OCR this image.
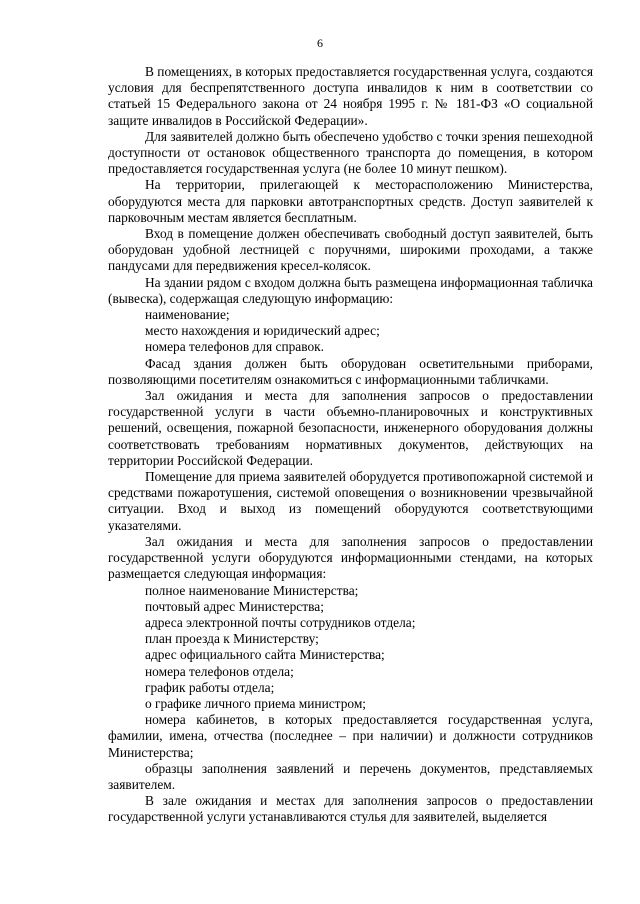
6
В помещениях, в которых предоставляется государственная услуга, создаются условия для беспрепятственного доступа инвалидов к ним в соответствии со статьей 15 Федерального закона от 24 ноября 1995 г. № 181-ФЗ «О социальной защите инвалидов в Российской Федерации».
Для заявителей должно быть обеспечено удобство с точки зрения пешеходной доступности от остановок общественного транспорта до помещения, в котором предоставляется государственная услуга (не более 10 минут пешком).
На территории, прилегающей к месторасположению Министерства, оборудуются места для парковки автотранспортных средств. Доступ заявителей к парковочным местам является бесплатным.
Вход в помещение должен обеспечивать свободный доступ заявителей, быть оборудован удобной лестницей с поручнями, широкими проходами, а также пандусами для передвижения кресел-колясок.
На здании рядом с входом должна быть размещена информационная табличка (вывеска), содержащая следующую информацию:
наименование;
место нахождения и юридический адрес;
номера телефонов для справок.
Фасад здания должен быть оборудован осветительными приборами, позволяющими посетителям ознакомиться с информационными табличками.
Зал ожидания и места для заполнения запросов о предоставлении государственной услуги в части объемно-планировочных и конструктивных решений, освещения, пожарной безопасности, инженерного оборудования должны соответствовать требованиям нормативных документов, действующих на территории Российской Федерации.
Помещение для приема заявителей оборудуется противопожарной системой и средствами пожаротушения, системой оповещения о возникновении чрезвычайной ситуации. Вход и выход из помещений оборудуются соответствующими указателями.
Зал ожидания и места для заполнения запросов о предоставлении государственной услуги оборудуются информационными стендами, на которых размещается следующая информация:
полное наименование Министерства;
почтовый адрес Министерства;
адреса электронной почты сотрудников отдела;
план проезда к Министерству;
адрес официального сайта Министерства;
номера телефонов отдела;
график работы отдела;
о графике личного приема министром;
номера кабинетов, в которых предоставляется государственная услуга, фамилии, имена, отчества (последнее – при наличии) и должности сотрудников Министерства;
образцы заполнения заявлений и перечень документов, представляемых заявителем.
В зале ожидания и местах для заполнения запросов о предоставлении государственной услуги устанавливаются стулья для заявителей, выделяется
